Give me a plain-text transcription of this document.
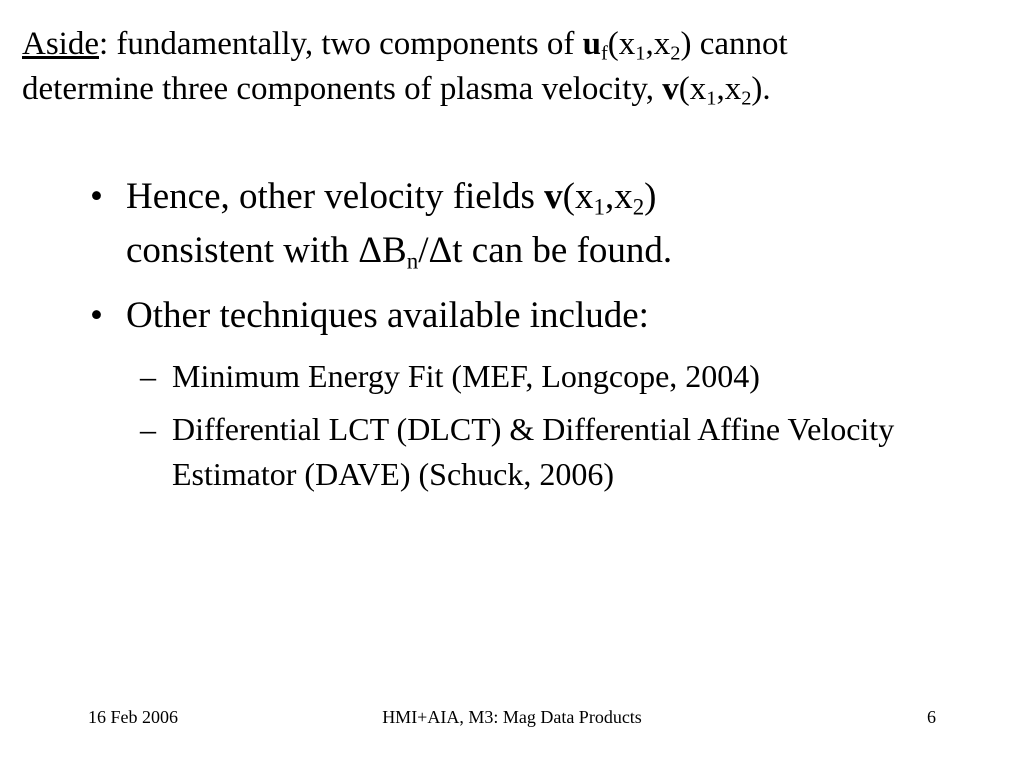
Aside: fundamentally, two components of $u_f(x_1,x_2)$ cannot
determine three components of plasma velocity, $v(x_1,x_2)$.
• Hence, other velocity fields $v(x_1,x_2)$
consistent with $\Delta B_n/\Delta t$ can be found.
• Other techniques available include:
– Minimum Energy Fit (MEF, Longcope, 2004)
– Differential LCT (DLCT) & Differential Affine Velocity Estimator (DAVE) (Schuck, 2006)
16 Feb 2006	HMI+AIA, M3: Mag Data Products	6
